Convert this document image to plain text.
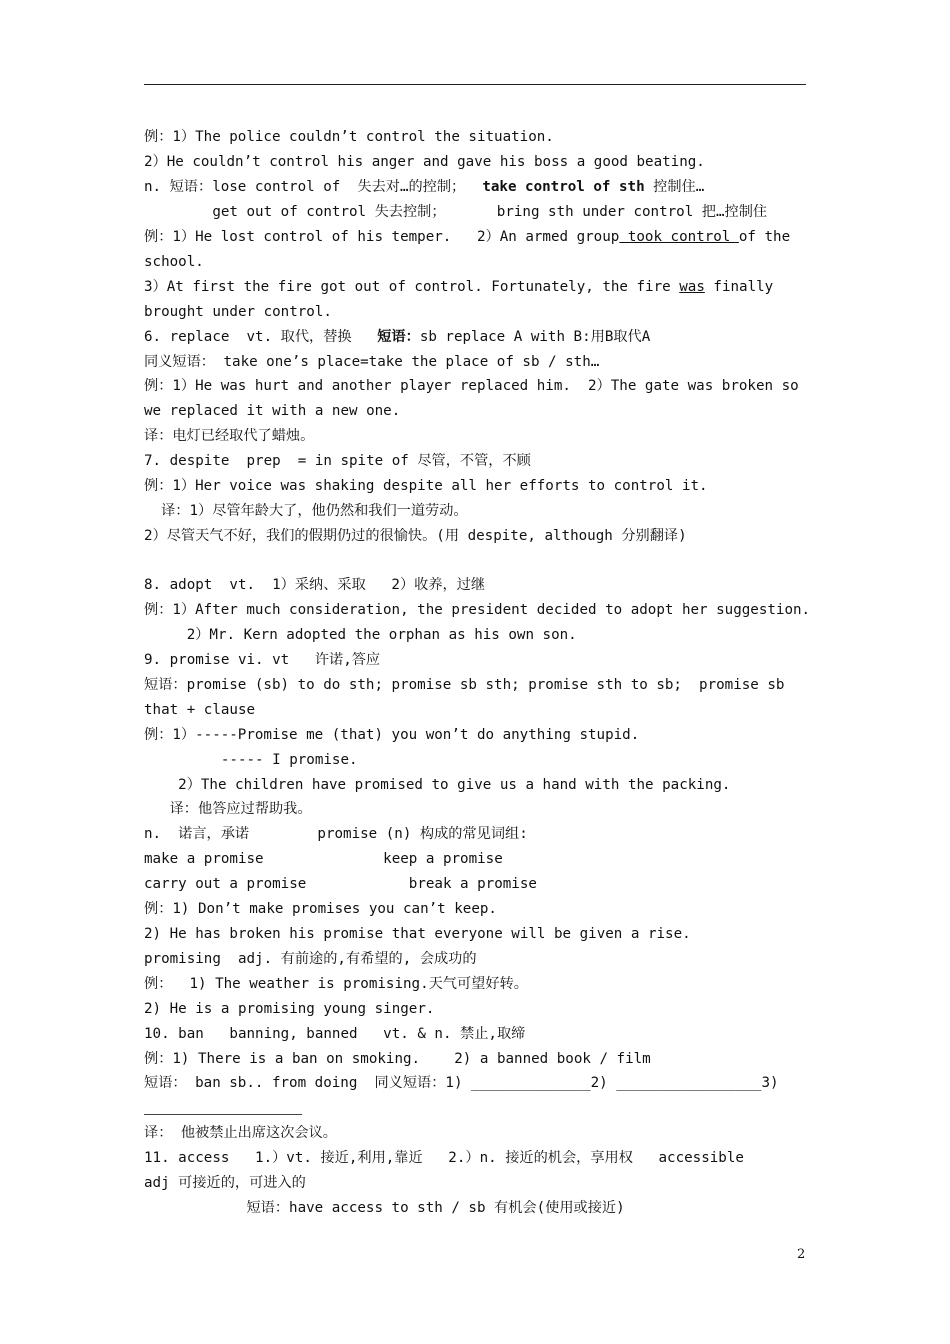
例：1）The police couldn’t control the situation.
2）He couldn’t control his anger and gave his boss a good beating.
n. 短语：lose control of  失去对…的控制；  take control of sth 控制住…
get out of control 失去控制；      bring sth under control 把…控制住
例：1）He lost control of his temper.   2）An armed group took control of the
school.
3）At first the fire got out of control. Fortunately, the fire was finally
brought under control.
6. replace  vt. 取代，替换   短语：sb replace A with B:用B取代A
同义短语： take one’s place=take the place of sb / sth…
例：1）He was hurt and another player replaced him.  2）The gate was broken so
we replaced it with a new one.
译：电灯已经取代了蜡烛。
7. despite  prep  = in spite of 尽管，不管，不顾
例：1）Her voice was shaking despite all her efforts to control it.
译：1）尽管年龄大了，他仍然和我们一道劳动。
2）尽管天气不好，我们的假期仍过的很愉快。(用 despite, although 分别翻译)
8. adopt  vt.  1）采纳、采取   2）收养，过继
例：1）After much consideration, the president decided to adopt her suggestion.
2）Mr. Kern adopted the orphan as his own son.
9. promise vi. vt   许诺,答应
短语：promise (sb) to do sth; promise sb sth; promise sth to sb;  promise sb
that + clause
例：1）-----Promise me (that) you won’t do anything stupid.
----- I promise.
2）The children have promised to give us a hand with the packing.
译：他答应过帮助我。
n.  诺言，承诺        promise (n) 构成的常见词组:
make a promise              keep a promise
carry out a promise            break a promise
例：1) Don’t make promises you can’t keep.
2) He has broken his promise that everyone will be given a rise.
promising  adj. 有前途的,有希望的, 会成功的
例：  1) The weather is promising.天气可望好转。
2) He is a promising young singer.
10. ban   banning, banned   vt. & n. 禁止,取缔
例：1) There is a ban on smoking.    2) a banned book / film
短语： ban sb.. from doing  同义短语：1) ______________2) _________________3)
译： 他被禁止出席这次会议。
11. access   1.）vt. 接近,利用,靠近   2.）n. 接近的机会，享用权   accessible
adj 可接近的，可进入的
短语：have access to sth / sb 有机会(使用或接近)
2
